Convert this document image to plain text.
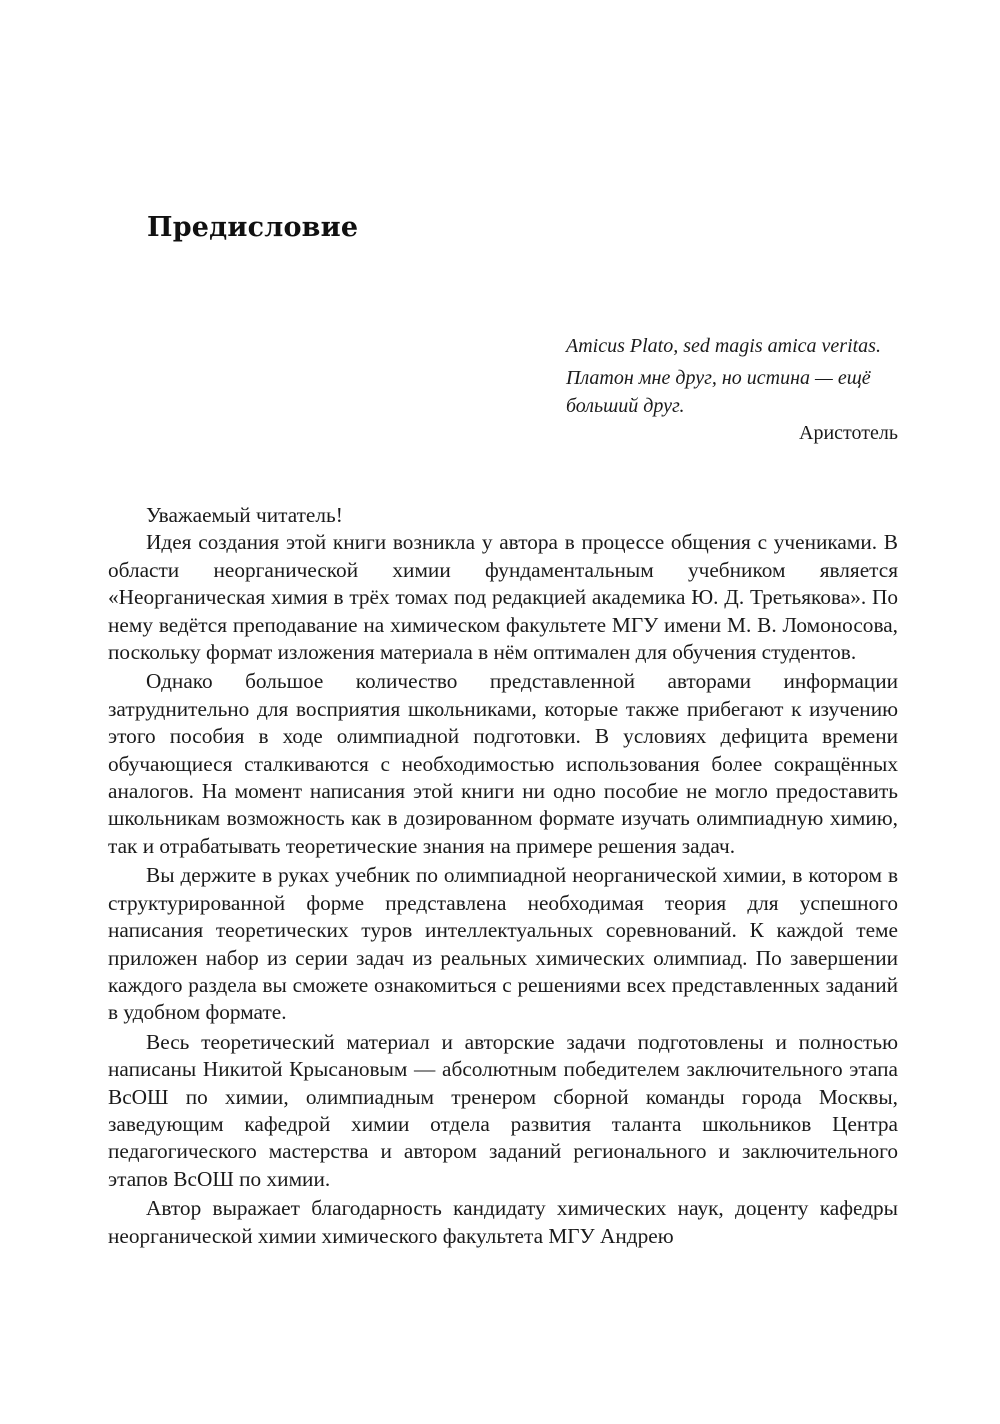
Предисловие

Amicus Plato, sed magis amica veritas.

Платон мне друг, но истина — ещё больший друг.

Аристотель

Уважаемый читатель!

Идея создания этой книги возникла у автора в процессе общения с учениками. В области неорганической химии фундаментальным учебником является «Неорганическая химия в трёх томах под редакцией академика Ю. Д. Третьякова». По нему ведётся преподавание на химическом факультете МГУ имени М. В. Ломоносова, поскольку формат изложения материала в нём оптимален для обучения студентов.

Однако большое количество представленной авторами информации затруднительно для восприятия школьниками, которые также прибегают к изучению этого пособия в ходе олимпиадной подготовки. В условиях дефицита времени обучающиеся сталкиваются с необходимостью использования более сокращённых аналогов. На момент написания этой книги ни одно пособие не могло предоставить школьникам возможность как в дозированном формате изучать олимпиадную химию, так и отрабатывать теоретические знания на примере решения задач.

Вы держите в руках учебник по олимпиадной неорганической химии, в котором в структурированной форме представлена необходимая теория для успешного написания теоретических туров интеллектуальных соревнований. К каждой теме приложен набор из серии задач из реальных химических олимпиад. По завершении каждого раздела вы сможете ознакомиться с решениями всех представленных заданий в удобном формате.

Весь теоретический материал и авторские задачи подготовлены и полностью написаны Никитой Крысановым — абсолютным победителем заключительного этапа ВсОШ по химии, олимпиадным тренером сборной команды города Москвы, заведующим кафедрой химии отдела развития таланта школьников Центра педагогического мастерства и автором заданий регионального и заключительного этапов ВсОШ по химии.

Автор выражает благодарность кандидату химических наук, доценту кафедры неорганической химии химического факультета МГУ Андрею
